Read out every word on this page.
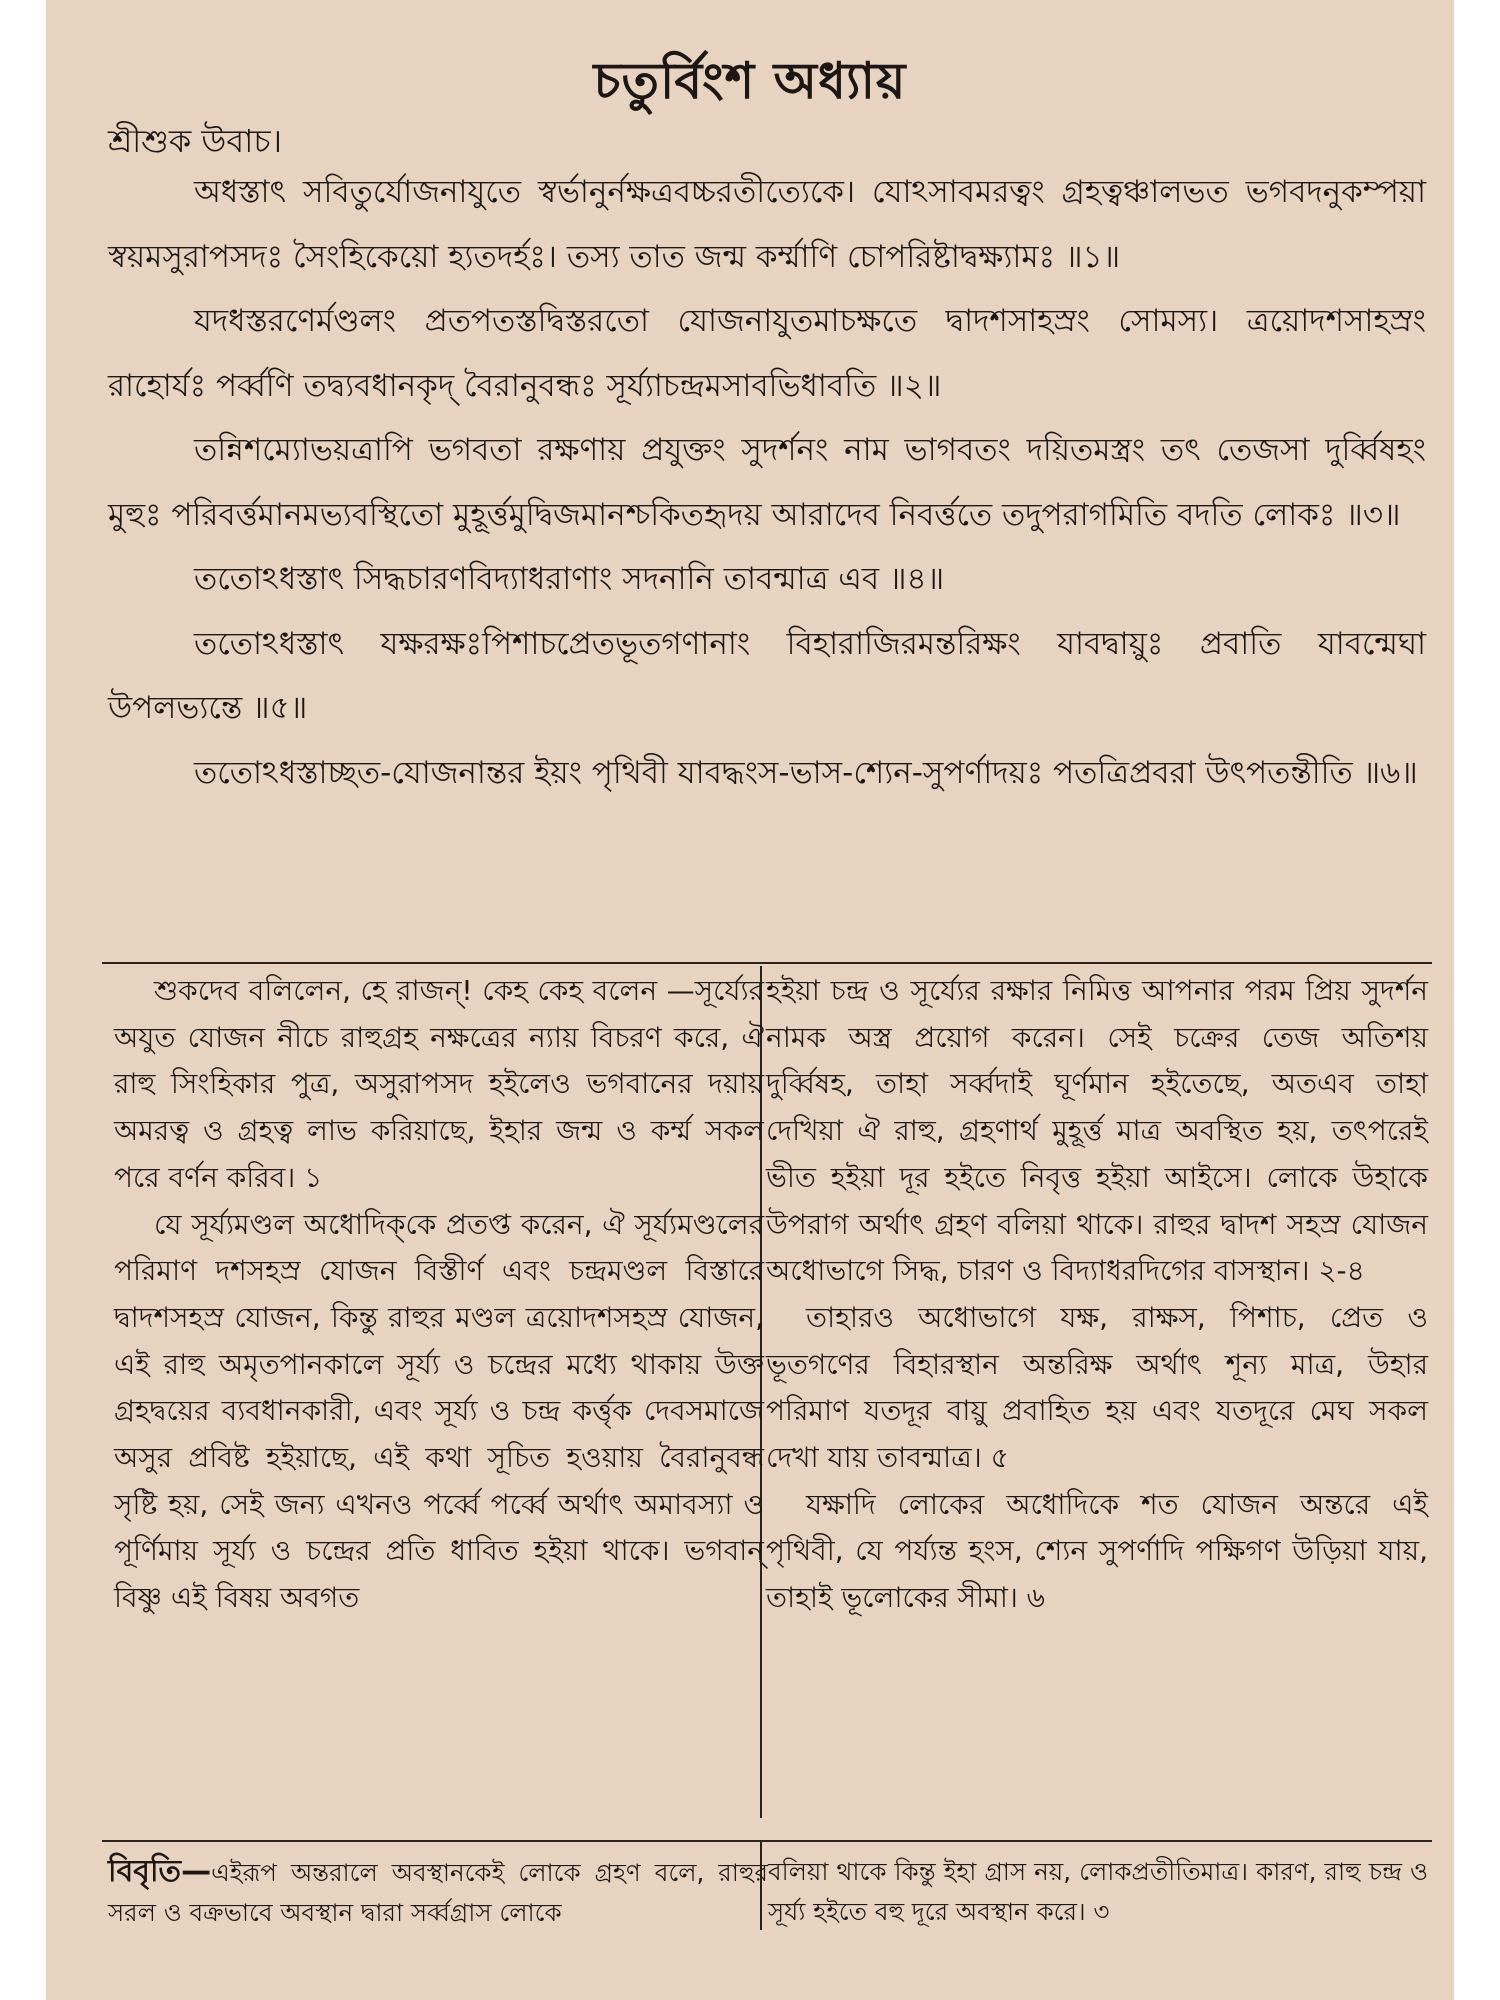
চতুর্বিংশ অধ্যায়
শ্রীশুক উবাচ।

অধস্তাৎ সবিতুর্যোজনাযুতে স্বর্ভানুর্নক্ষত্রবচ্চরতীত্যেকে। যোঽসাবমরত্বং গ্রহত্বঞ্চালভত ভগবদনুকম্পয়া স্বয়মসুরাপসদঃ সৈংহিকেয়ো হ্যতদর্হঃ। তস্য তাত জন্ম কর্ম্মাণি চোপরিষ্টাদ্বক্ষ্যামঃ ॥১॥

যদধস্তরণের্মণ্ডলং প্রতপতস্তদ্বিস্তরতো যোজনাযুতমাচক্ষতে দ্বাদশসাহস্রং সোমস্য। ত্রয়োদশসাহস্রং রাহোর্যঃ পর্ব্বণি তদ্ব্যবধানকৃদ্ বৈরানুবন্ধঃ সূর্য্যাচন্দ্রমসাবভিধাবতি ॥২॥

তন্নিশম্যোভয়ত্রাপি ভগবতা রক্ষণায় প্রযুক্তং সুদর্শনং নাম ভাগবতং দয়িতমস্ত্রং তৎ তেজসা দুর্ব্বিষহং মুহুঃ পরিবর্ত্তমানমভ্যবস্থিতো মুহূর্ত্তমুদ্বিজমানশ্চকিতহৃদয় আরাদেব নিবর্ত্ততে তদুপরাগমিতি বদতি লোকঃ ॥৩॥

ততোঽধস্তাৎ সিদ্ধচারণবিদ্যাধরাণাং সদনানি তাবন্মাত্র এব ॥৪॥

ততোঽধস্তাৎ যক্ষরক্ষঃপিশাচপ্রেতভূতগণানাং বিহারাজিরমন্তরিক্ষং যাবদ্বায়ুঃ প্রবাতি যাবন্মেঘা উপলভ্যন্তে ॥৫॥

ততোঽধস্তাচ্ছত-যোজনান্তর ইয়ং পৃথিবী যাবদ্ধংস-ভাস-শ্যেন-সুপর্ণাদয়ঃ পতত্রিপ্রবরা উৎপতন্তীতি ॥৬॥

শুকদেব বলিলেন, হে রাজন্! কেহ কেহ বলেন —সূর্য্যের অযুত যোজন নীচে রাহুগ্রহ নক্ষত্রের ন্যায় বিচরণ করে, ঐ রাহু সিংহিকার পুত্র, অসুরাপসদ হইলেও ভগবানের দয়ায় অমরত্ব ও গ্রহত্ব লাভ করিয়াছে, ইহার জন্ম ও কর্ম্ম সকল পরে বর্ণন করিব। ১

যে সূর্য্যমণ্ডল অধোদিক্‌কে প্রতপ্ত করেন, ঐ সূর্য্যমণ্ডলের পরিমাণ দশসহস্র যোজন বিস্তীর্ণ এবং চন্দ্রমণ্ডল বিস্তারে দ্বাদশসহস্র যোজন, কিন্তু রাহুর মণ্ডল ত্রয়োদশসহস্র যোজন, এই রাহু অমৃতপানকালে সূর্য্য ও চন্দ্রের মধ্যে থাকায় উক্ত গ্রহদ্বয়ের ব্যবধানকারী, এবং সূর্য্য ও চন্দ্র কর্ত্তৃক দেবসমাজে অসুর প্রবিষ্ট হইয়াছে, এই কথা সূচিত হওয়ায় বৈরানুবন্ধ সৃষ্টি হয়, সেই জন্য এখনও পর্ব্বে পর্ব্বে অর্থাৎ অমাবস্যা ও পূর্ণিমায় সূর্য্য ও চন্দ্রের প্রতি ধাবিত হইয়া থাকে। ভগবান্ বিষ্ণু এই বিষয় অবগত

হইয়া চন্দ্র ও সূর্য্যের রক্ষার নিমিত্ত আপনার পরম প্রিয় সুদর্শন নামক অস্ত্র প্রয়োগ করেন। সেই চক্রের তেজ অতিশয় দুর্ব্বিষহ, তাহা সর্ব্বদাই ঘূর্ণমান হইতেছে, অতএব তাহা দেখিয়া ঐ রাহু, গ্রহণার্থ মুহূর্ত্ত মাত্র অবস্থিত হয়, তৎপরেই ভীত হইয়া দূর হইতে নিবৃত্ত হইয়া আইসে। লোকে উহাকে উপরাগ অর্থাৎ গ্রহণ বলিয়া থাকে। রাহুর দ্বাদশ সহস্র যোজন অধোভাগে সিদ্ধ, চারণ ও বিদ্যাধরদিগের বাসস্থান। ২-৪

তাহারও অধোভাগে যক্ষ, রাক্ষস, পিশাচ, প্রেত ও ভূতগণের বিহারস্থান অন্তরিক্ষ অর্থাৎ শূন্য মাত্র, উহার পরিমাণ যতদূর বায়ু প্রবাহিত হয় এবং যতদূরে মেঘ সকল দেখা যায় তাবন্মাত্র। ৫

যক্ষাদি লোকের অধোদিকে শত যোজন অন্তরে এই পৃথিবী, যে পর্য্যন্ত হংস, শ্যেন সুপর্ণাদি পক্ষিগণ উড়িয়া যায়, তাহাই ভূলোকের সীমা। ৬

বিবৃতি—এইরূপ অন্তরালে অবস্থানকেই লোকে গ্রহণ বলে, রাহুর সরল ও বক্রভাবে অবস্থান দ্বারা সর্ব্বগ্রাস লোকে
বলিয়া থাকে কিন্তু ইহা গ্রাস নয়, লোকপ্রতীতিমাত্র। কারণ, রাহু চন্দ্র ও সূর্য্য হইতে বহু দূরে অবস্থান করে। ৩
